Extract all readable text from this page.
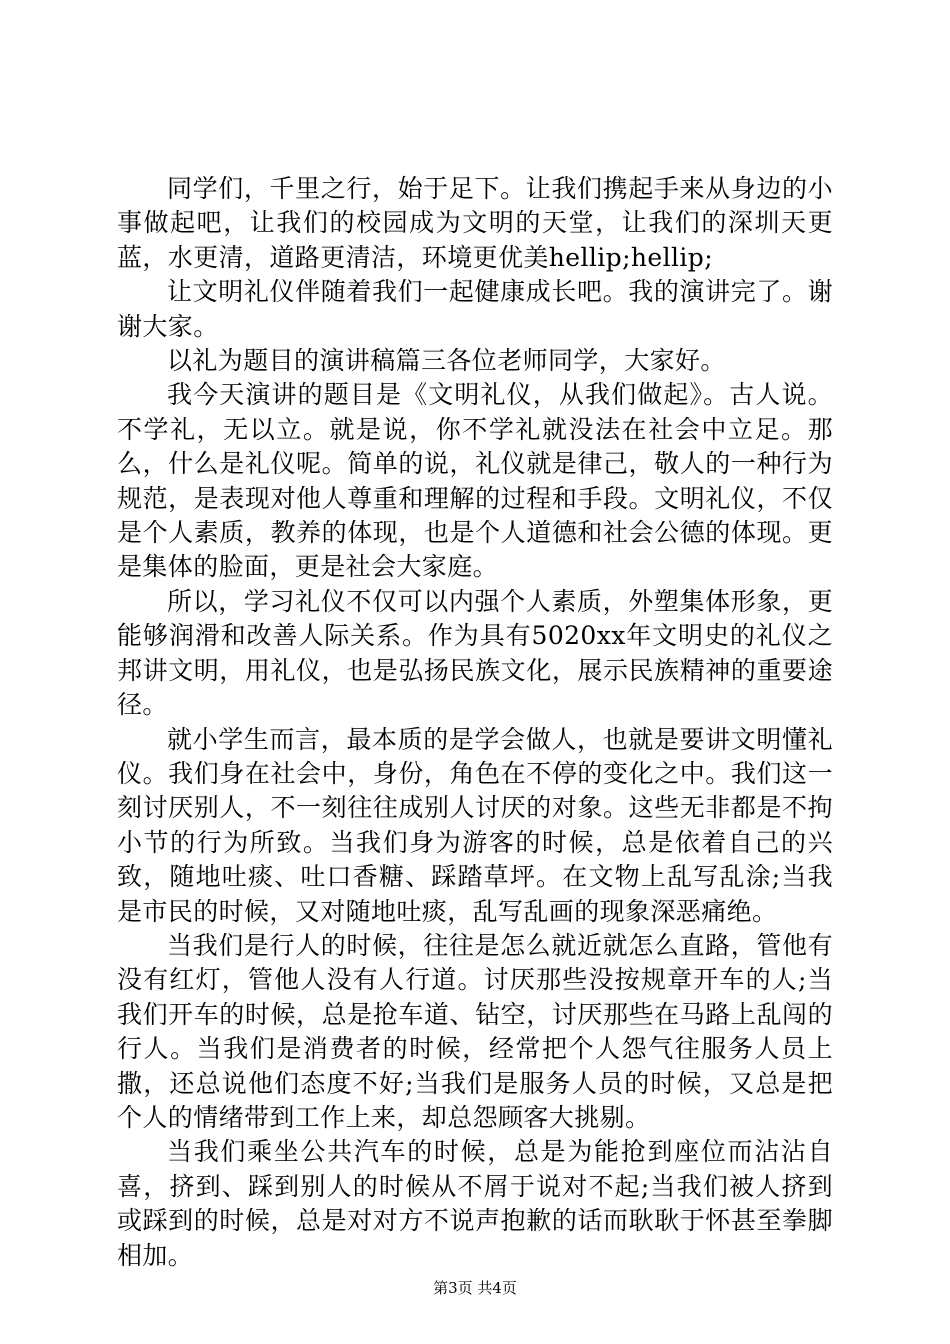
同学们，千里之行，始于足下。让我们携起手来从身边的小事做起吧，让我们的校园成为文明的天堂，让我们的深圳天更蓝，水更清，道路更清洁，环境更优美hellip;hellip;

让文明礼仪伴随着我们一起健康成长吧。我的演讲完了。谢谢大家。

以礼为题目的演讲稿篇三各位老师同学，大家好。

我今天演讲的题目是《文明礼仪，从我们做起》。古人说。不学礼，无以立。就是说，你不学礼就没法在社会中立足。那么，什么是礼仪呢。简单的说，礼仪就是律己，敬人的一种行为规范，是表现对他人尊重和理解的过程和手段。文明礼仪，不仅是个人素质，教养的体现，也是个人道德和社会公德的体现。更是集体的脸面，更是社会大家庭。

所以，学习礼仪不仅可以内强个人素质，外塑集体形象，更能够润滑和改善人际关系。作为具有5020xx年文明史的礼仪之邦讲文明，用礼仪，也是弘扬民族文化，展示民族精神的重要途径。

就小学生而言，最本质的是学会做人，也就是要讲文明懂礼仪。我们身在社会中，身份，角色在不停的变化之中。我们这一刻讨厌别人，不一刻往往成别人讨厌的对象。这些无非都是不拘小节的行为所致。当我们身为游客的时候，总是依着自己的兴致，随地吐痰、吐口香糖、踩踏草坪。在文物上乱写乱涂;当我是市民的时候，又对随地吐痰，乱写乱画的现象深恶痛绝。

当我们是行人的时候，往往是怎么就近就怎么直路，管他有没有红灯，管他人没有人行道。讨厌那些没按规章开车的人;当我们开车的时候，总是抢车道、钻空，讨厌那些在马路上乱闯的行人。当我们是消费者的时候，经常把个人怨气往服务人员上撒，还总说他们态度不好;当我们是服务人员的时候，又总是把个人的情绪带到工作上来，却总怨顾客大挑剔。

当我们乘坐公共汽车的时候，总是为能抢到座位而沾沾自喜，挤到、踩到别人的时候从不屑于说对不起;当我们被人挤到或踩到的时候，总是对对方不说声抱歉的话而耿耿于怀甚至拳脚相加。

第3页 共4页
